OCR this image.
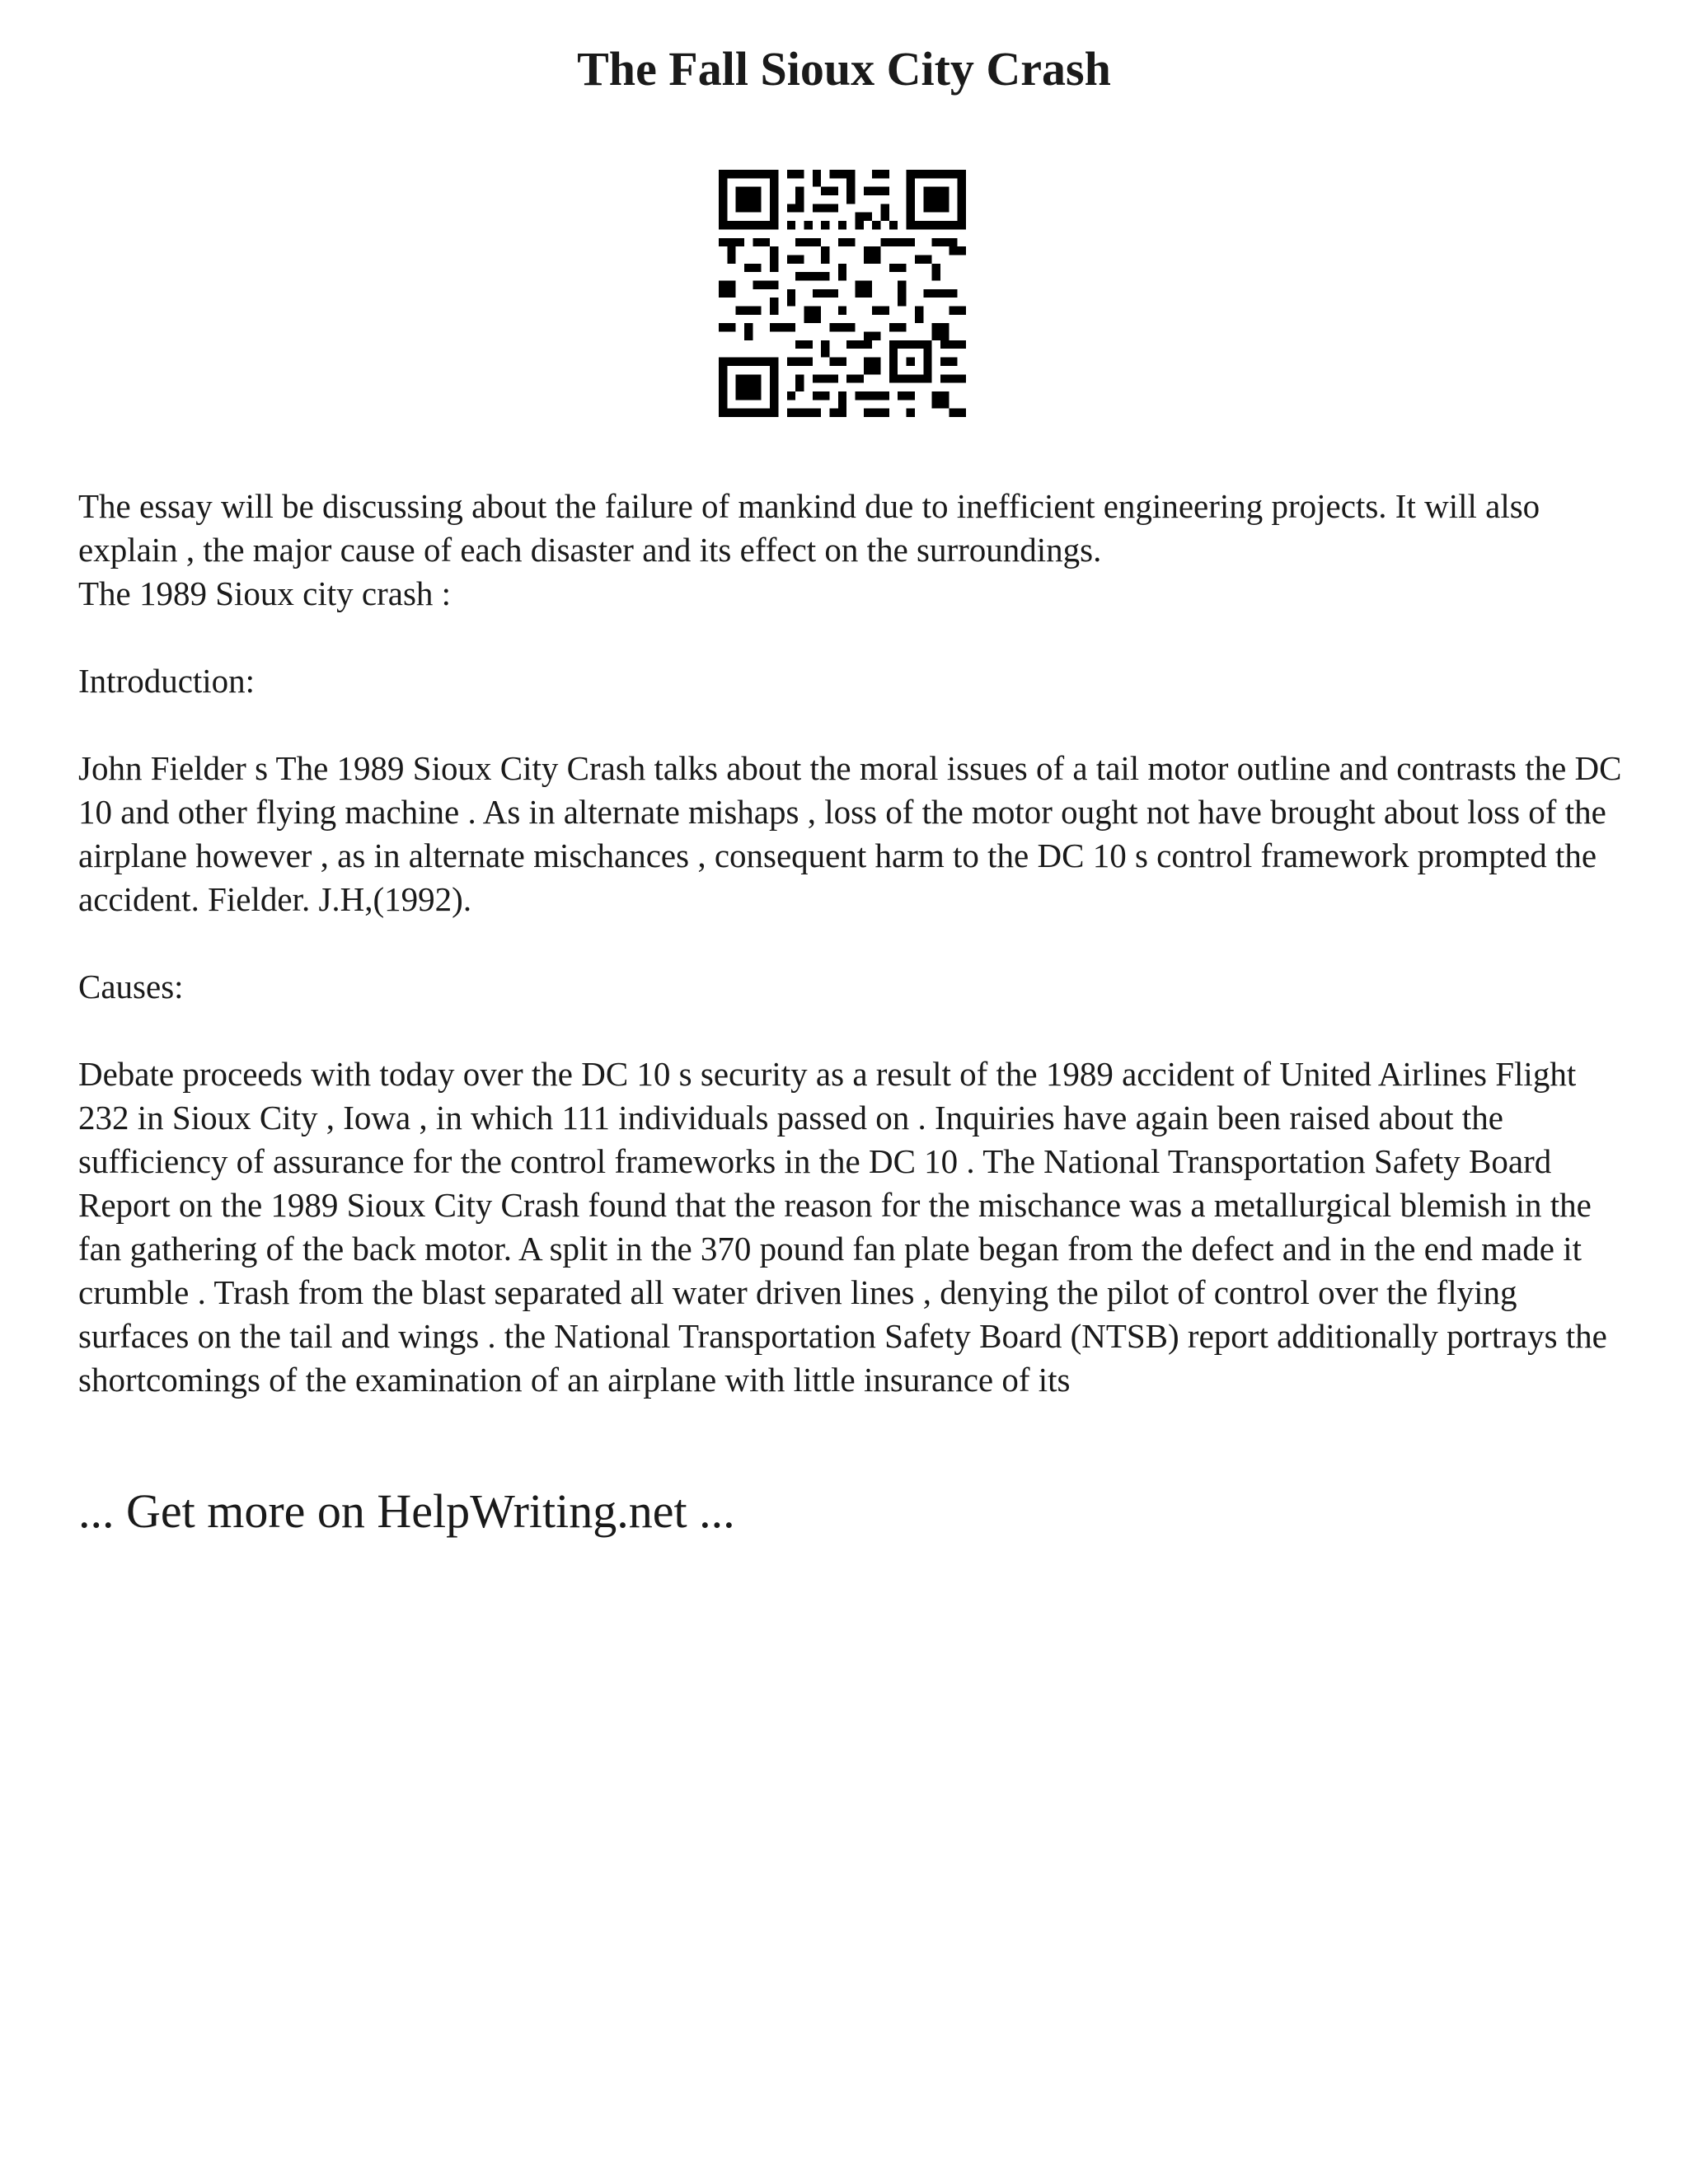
The Fall Sioux City Crash

The essay will be discussing about the failure of mankind due to inefficient engineering projects. It will also explain , the major cause of each disaster and its effect on the surroundings.

The 1989 Sioux city crash :

Introduction:

John Fielder s The 1989 Sioux City Crash talks about the moral issues of a tail motor outline and contrasts the DC 10 and other flying machine . As in alternate mishaps , loss of the motor ought not have brought about loss of the airplane however , as in alternate mischances , consequent harm to the DC 10 s control framework prompted the accident. Fielder. J.H,(1992).

Causes:

Debate proceeds with today over the DC 10 s security as a result of the 1989 accident of United Airlines Flight 232 in Sioux City , Iowa , in which 111 individuals passed on . Inquiries have again been raised about the sufficiency of assurance for the control frameworks in the DC 10 . The National Transportation Safety Board Report on the 1989 Sioux City Crash found that the reason for the mischance was a metallurgical blemish in the fan gathering of the back motor. A split in the 370 pound fan plate began from the defect and in the end made it crumble . Trash from the blast separated all water driven lines , denying the pilot of control over the flying surfaces on the tail and wings . the National Transportation Safety Board (NTSB) report additionally portrays the shortcomings of the examination of an airplane with little insurance of its

... Get more on HelpWriting.net ...
